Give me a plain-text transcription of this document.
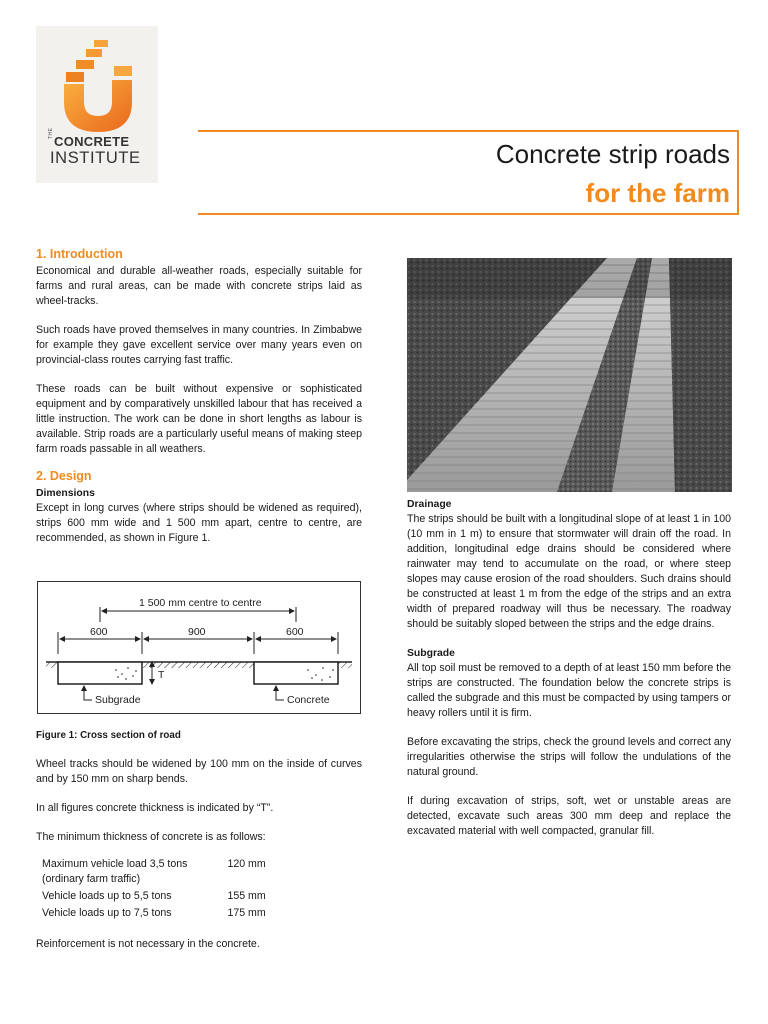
THE
CONCRETE
INSTITUTE	Concrete strip roads
for the farm
1. Introduction

Economical and durable all-weather roads, especially suitable for farms and rural areas, can be made with concrete strips laid as wheel-tracks.

Such roads have proved themselves in many countries. In Zimbabwe for example they gave excellent service over many years even on provincial-class routes carrying fast traffic.

These roads can be built without expensive or sophisticated equipment and by comparatively unskilled labour that has received a little instruction. The work can be done in short lengths as labour is available. Strip roads are a particularly useful means of making steep farm roads passable in all weathers.

2. Design
Dimensions

Except in long curves (where strips should be widened as required), strips 600 mm wide and 1 500 mm apart, centre to centre, are recommended, as shown in Figure 1.

1 500 mm centre to centre
600	900	600
T
Subgrade	Concrete
Figure 1: Cross section of road

Wheel tracks should be widened by 100 mm on the inside of curves and by 150 mm on sharp bends.

In all figures concrete thickness is indicated by “T”.

The minimum thickness of concrete is as follows:

Maximum vehicle load 3,5 tons
(ordinary farm traffic)	120 mm
Vehicle loads up to 5,5 tons	155 mm
Vehicle loads up to 7,5 tons	175 mm

Reinforcement is not necessary in the concrete.

Drainage

The strips should be built with a longitudinal slope of at least 1 in 100 (10 mm in 1 m) to ensure that stormwater will drain off the road. In addition, longitudinal edge drains should be considered where rainwater may tend to accumulate on the road, or where steep slopes may cause erosion of the road shoulders. Such drains should be constructed at least 1 m from the edge of the strips and an extra width of prepared roadway will thus be necessary. The roadway should be suitably sloped between the strips and the edge drains.

Subgrade

All top soil must be removed to a depth of at least 150 mm before the strips are constructed. The foundation below the concrete strips is called the subgrade and this must be compacted by using tampers or heavy rollers until it is firm.

Before excavating the strips, check the ground levels and correct any irregularities otherwise the strips will follow the undulations of the natural ground.

If during excavation of strips, soft, wet or unstable areas are detected, excavate such areas 300 mm deep and replace the excavated material with well compacted, granular fill.
